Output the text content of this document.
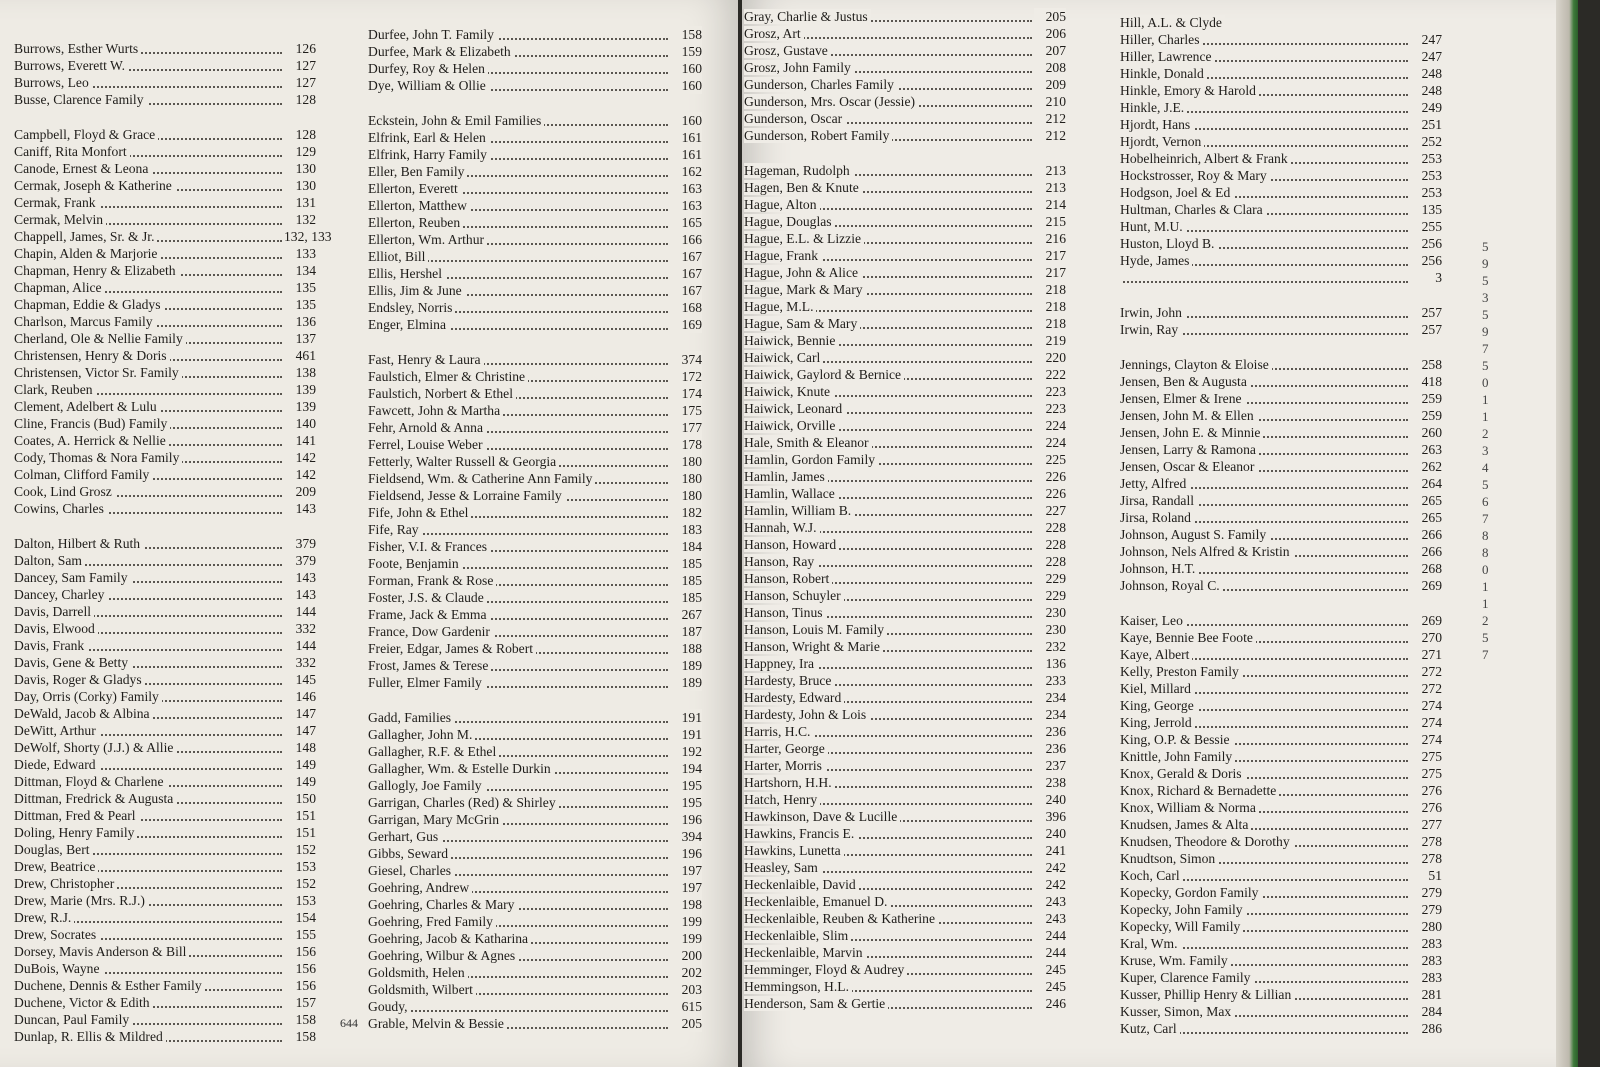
Burrows, Esther Wurts	126
Burrows, Everett W.	127
Burrows, Leo	127
Busse, Clarence Family	128
Campbell, Floyd & Grace	128
Caniff, Rita Monfort	129
Canode, Ernest & Leona	130
Cermak, Joseph & Katherine	130
Cermak, Frank	131
Cermak, Melvin	132
Chappell, James, Sr. & Jr.	132, 133
Chapin, Alden & Marjorie	133
Chapman, Henry & Elizabeth	134
Chapman, Alice	135
Chapman, Eddie & Gladys	135
Charlson, Marcus Family	136
Cherland, Ole & Nellie Family	137
Christensen, Henry & Doris	461
Christensen, Victor Sr. Family	138
Clark, Reuben	139
Clement, Adelbert & Lulu	139
Cline, Francis (Bud) Family	140
Coates, A. Herrick & Nellie	141
Cody, Thomas & Nora Family	142
Colman, Clifford Family	142
Cook, Lind Grosz	209
Cowins, Charles	143
Dalton, Hilbert & Ruth	379
Dalton, Sam	379
Dancey, Sam Family	143
Dancey, Charley	143
Davis, Darrell	144
Davis, Elwood	332
Davis, Frank	144
Davis, Gene & Betty	332
Davis, Roger & Gladys	145
Day, Orris (Corky) Family	146
DeWald, Jacob & Albina	147
DeWitt, Arthur	147
DeWolf, Shorty (J.J.) & Allie	148
Diede, Edward	149
Dittman, Floyd & Charlene	149
Dittman, Fredrick & Augusta	150
Dittman, Fred & Pearl	151
Doling, Henry Family	151
Douglas, Bert	152
Drew, Beatrice	153
Drew, Christopher	152
Drew, Marie (Mrs. R.J.)	153
Drew, R.J.	154
Drew, Socrates	155
Dorsey, Mavis Anderson & Bill	156
DuBois, Wayne	156
Duchene, Dennis & Esther Family	156
Duchene, Victor & Edith	157
Duncan, Paul Family	158
Dunlap, R. Ellis & Mildred	158
Durfee, John T. Family	158
Durfee, Mark & Elizabeth	159
Durfey, Roy & Helen	160
Dye, William & Ollie	160
Eckstein, John & Emil Families	160
Elfrink, Earl & Helen	161
Elfrink, Harry Family	161
Eller, Ben Family	162
Ellerton, Everett	163
Ellerton, Matthew	163
Ellerton, Reuben	165
Ellerton, Wm. Arthur	166
Elliot, Bill	167
Ellis, Hershel	167
Ellis, Jim & June	167
Endsley, Norris	168
Enger, Elmina	169
Fast, Henry & Laura	374
Faulstich, Elmer & Christine	172
Faulstich, Norbert & Ethel	174
Fawcett, John & Martha	175
Fehr, Arnold & Anna	177
Ferrel, Louise Weber	178
Fetterly, Walter Russell & Georgia	180
Fieldsend, Wm. & Catherine Ann Family	180
Fieldsend, Jesse & Lorraine Family	180
Fife, John & Ethel	182
Fife, Ray	183
Fisher, V.I. & Frances	184
Foote, Benjamin	185
Forman, Frank & Rose	185
Foster, J.S. & Claude	185
Frame, Jack & Emma	267
France, Dow Gardenir	187
Freier, Edgar, James & Robert	188
Frost, James & Terese	189
Fuller, Elmer Family	189
Gadd, Families	191
Gallagher, John M.	191
Gallagher, R.F. & Ethel	192
Gallagher, Wm. & Estelle Durkin	194
Gallogly, Joe Family	195
Garrigan, Charles (Red) & Shirley	195
Garrigan, Mary McGrin	196
Gerhart, Gus	394
Gibbs, Seward	196
Giesel, Charles	197
Goehring, Andrew	197
Goehring, Charles & Mary	198
Goehring, Fred Family	199
Goehring, Jacob & Katharina	199
Goehring, Wilbur & Agnes	200
Goldsmith, Helen	202
Goldsmith, Wilbert	203
Goudy,	615
Grable, Melvin & Bessie	205
644
Gray, Charlie & Justus	205
Grosz, Art	206
Grosz, Gustave	207
Grosz, John Family	208
Gunderson, Charles Family	209
Gunderson, Mrs. Oscar (Jessie)	210
Gunderson, Oscar	212
Gunderson, Robert Family	212
Hageman, Rudolph	213
Hagen, Ben & Knute	213
Hague, Alton	214
Hague, Douglas	215
Hague, E.L. & Lizzie	216
Hague, Frank	217
Hague, John & Alice	217
Hague, Mark & Mary	218
Hague, M.L.	218
Hague, Sam & Mary	218
Haiwick, Bennie	219
Haiwick, Carl	220
Haiwick, Gaylord & Bernice	222
Haiwick, Knute	223
Haiwick, Leonard	223
Haiwick, Orville	224
Hale, Smith & Eleanor	224
Hamlin, Gordon Family	225
Hamlin, James	226
Hamlin, Wallace	226
Hamlin, William B.	227
Hannah, W.J.	228
Hanson, Howard	228
Hanson, Ray	228
Hanson, Robert	229
Hanson, Schuyler	229
Hanson, Tinus	230
Hanson, Louis M. Family	230
Hanson, Wright & Marie	232
Happney, Ira	136
Hardesty, Bruce	233
Hardesty, Edward	234
Hardesty, John & Lois	234
Harris, H.C.	236
Harter, George	236
Harter, Morris	237
Hartshorn, H.H.	238
Hatch, Henry	240
Hawkinson, Dave & Lucille	396
Hawkins, Francis E.	240
Hawkins, Lunetta	241
Heasley, Sam	242
Heckenlaible, David	242
Heckenlaible, Emanuel D.	243
Heckenlaible, Reuben & Katherine	243
Heckenlaible, Slim	244
Heckenlaible, Marvin	244
Hemminger, Floyd & Audrey	245
Hemmingson, H.L.	245
Henderson, Sam & Gertie	246
Hill, A.L. & Clyde
Hiller, Charles	247
Hiller, Lawrence	247
Hinkle, Donald	248
Hinkle, Emory & Harold	248
Hinkle, J.E.	249
Hjordt, Hans	251
Hjordt, Vernon	252
Hobelheinrich, Albert & Frank	253
Hockstrosser, Roy & Mary	253
Hodgson, Joel & Ed	253
Hultman, Charles & Clara	135
Hunt, M.U.	255
Huston, Lloyd B.	256
Hyde, James	256
3
Irwin, John	257
Irwin, Ray	257
Jennings, Clayton & Eloise	258
Jensen, Ben & Augusta	418
Jensen, Elmer & Irene	259
Jensen, John M. & Ellen	259
Jensen, John E. & Minnie	260
Jensen, Larry & Ramona	263
Jensen, Oscar & Eleanor	262
Jetty, Alfred	264
Jirsa, Randall	265
Jirsa, Roland	265
Johnson, August S. Family	266
Johnson, Nels Alfred & Kristin	266
Johnson, H.T.	268
Johnson, Royal C.	269
Kaiser, Leo	269
Kaye, Bennie Bee Foote	270
Kaye, Albert	271
Kelly, Preston Family	272
Kiel, Millard	272
King, George	274
King, Jerrold	274
King, O.P. & Bessie	274
Knittle, John Family	275
Knox, Gerald & Doris	275
Knox, Richard & Bernadette	276
Knox, William & Norma	276
Knudsen, James & Alta	277
Knudsen, Theodore & Dorothy	278
Knudtson, Simon	278
Koch, Carl	51
Kopecky, Gordon Family	279
Kopecky, John Family	279
Kopecky, Will Family	280
Kral, Wm.	283
Kruse, Wm. Family	283
Kuper, Clarence Family	283
Kusser, Phillip Henry & Lillian	281
Kusser, Simon, Max	284
Kutz, Carl	286
5
9
5
3
5
9
7
5
0
1
1
2
3
4
5
6
7
8
8
0
1
1
2
5
7
